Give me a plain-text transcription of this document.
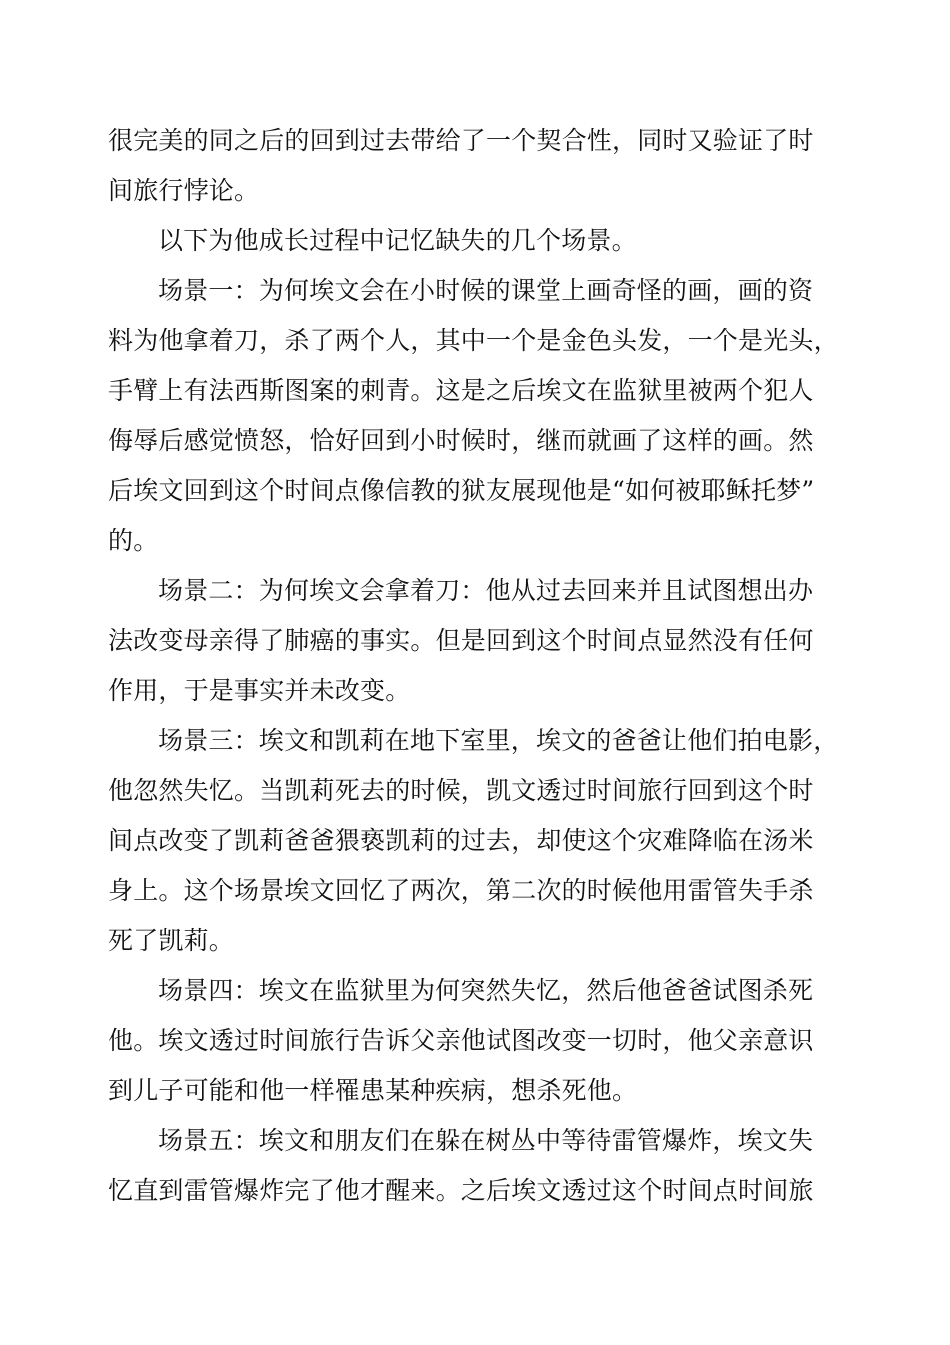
很完美的同之后的回到过去带给了一个契合性，同时又验证了时
间旅行悖论。
以下为他成长过程中记忆缺失的几个场景。
场景一：为何埃文会在小时候的课堂上画奇怪的画，画的资
料为他拿着刀，杀了两个人，其中一个是金色头发，一个是光头，
手臂上有法西斯图案的刺青。这是之后埃文在监狱里被两个犯人
侮辱后感觉愤怒，恰好回到小时候时，继而就画了这样的画。然
后埃文回到这个时间点像信教的狱友展现他是“如何被耶稣托梦”
的。
场景二：为何埃文会拿着刀：他从过去回来并且试图想出办
法改变母亲得了肺癌的事实。但是回到这个时间点显然没有任何
作用，于是事实并未改变。
场景三：埃文和凯莉在地下室里，埃文的爸爸让他们拍电影，
他忽然失忆。当凯莉死去的时候，凯文透过时间旅行回到这个时
间点改变了凯莉爸爸猥亵凯莉的过去，却使这个灾难降临在汤米
身上。这个场景埃文回忆了两次，第二次的时候他用雷管失手杀
死了凯莉。
场景四：埃文在监狱里为何突然失忆，然后他爸爸试图杀死
他。埃文透过时间旅行告诉父亲他试图改变一切时，他父亲意识
到儿子可能和他一样罹患某种疾病，想杀死他。
场景五：埃文和朋友们在躲在树丛中等待雷管爆炸，埃文失
忆直到雷管爆炸完了他才醒来。之后埃文透过这个时间点时间旅
